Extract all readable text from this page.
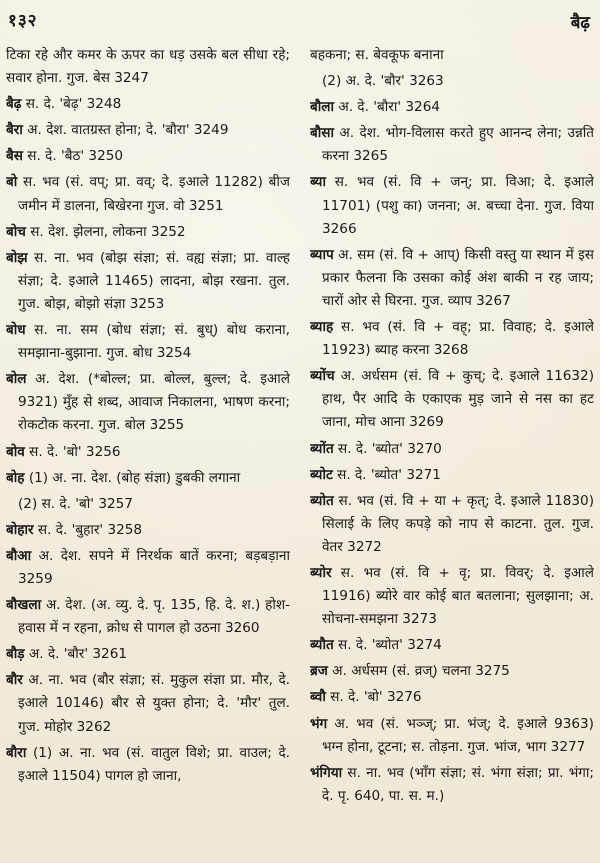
१३२	बैढ़

टिका रहे और कमर के ऊपर का धड़ उसके बल सीधा रहे; सवार होना. गुज. बेस 3247

बैढ़ स. दे. 'बेढ़' 3248

बैरा अ. देश. वातग्रस्त होना; दे. 'बौरा' 3249

बैस स. दे. 'बैठ' 3250

बो स. भव (सं. वप्; प्रा. वव्; दे. इआले 11282) बीज जमीन में डालना, बिखेरना गुज. वो 3251

बोच स. देश. झेलना, लोकना 3252

बोझ स. ना. भव (बोझ संज्ञा; सं. वह्य संज्ञा; प्रा. वाल्ह संज्ञा; दे. इआले 11465) लादना, बोझ रखना. तुल. गुज. बोझ, बोझो संज्ञा 3253

बोध स. ना. सम (बोध संज्ञा; सं. बुध्) बोध कराना, समझाना-बुझाना. गुज. बोध 3254

बोल अ. देश. (*बोल्ल; प्रा. बोल्ल, बुल्ल; दे. इआले 9321) मुँह से शब्द, आवाज निकालना, भाषण करना; रोकटोक करना. गुज. बोल 3255

बोव स. दे. 'बो' 3256

बोह (1) अ. ना. देश. (बोह संज्ञा) डुबकी लगाना

(2) स. दे. 'बो' 3257

बोहार स. दे. 'बुहार' 3258

बौआ अ. देश. सपने में निरर्थक बातें करना; बड़बड़ाना 3259

बौखला अ. देश. (अ. व्यु. दे. पृ. 135, हि. दे. श.) होश-हवास में न रहना, क्रोध से पागल हो उठना 3260

बौड़ अ. दे. 'बौर' 3261

बौर अ. ना. भव (बौर संज्ञा; सं. मुकुल संज्ञा प्रा. मौर, दे. इआले 10146) बौर से युक्त होना; दे. 'मौर' तुल. गुज. मोहोर 3262

बौरा (1) अ. ना. भव (सं. वातुल विशे; प्रा. वाउल; दे. इआले 11504) पागल हो जाना,

बहकना; स. बेवकूफ बनाना

(2) अ. दे. 'बौर' 3263

बौला अ. दे. 'बौरा' 3264

बौसा अ. देश. भोग-विलास करते हुए आनन्द लेना; उन्नति करना 3265

ब्या स. भव (सं. वि + जन्; प्रा. विआ; दे. इआले 11701) (पशु का) जनना; अ. बच्चा देना. गुज. विया 3266

ब्याप अ. सम (सं. वि + आप्) किसी वस्तु या स्थान में इस प्रकार फैलना कि उसका कोई अंश बाकी न रह जाय; चारों ओर से घिरना. गुज. व्याप 3267

ब्याह स. भव (सं. वि + वह्; प्रा. विवाह; दे. इआले 11923) ब्याह करना 3268

ब्योंच अ. अर्धसम (सं. वि + कुच्; दे. इआले 11632) हाथ, पैर आदि के एकाएक मुड़ जाने से नस का हट जाना, मोच आना 3269

ब्योंत स. दे. 'ब्योत' 3270

ब्योट स. दे. 'ब्योत' 3271

ब्योत स. भव (सं. वि + या + कृत्; दे. इआले 11830) सिलाई के लिए कपड़े को नाप से काटना. तुल. गुज. वेतर 3272

ब्योर स. भव (सं. वि + वृ; प्रा. विवर्; दे. इआले 11916) ब्योरे वार कोई बात बतलाना; सुलझाना; अ. सोचना-समझना 3273

ब्यौत स. दे. 'ब्योत' 3274

ब्रज अ. अर्धसम (सं. व्रज्) चलना 3275

ब्वौ स. दे. 'बो' 3276

भंग अ. भव (सं. भञ्ज्; प्रा. भंज्; दे. इआले 9363) भग्न होना, टूटना; स. तोड़ना. गुज. भांज, भाग 3277

भंगिया स. ना. भव (भाँग संज्ञा; सं. भंगा संज्ञा; प्रा. भंगा; दे. पृ. 640, पा. स. म.)
